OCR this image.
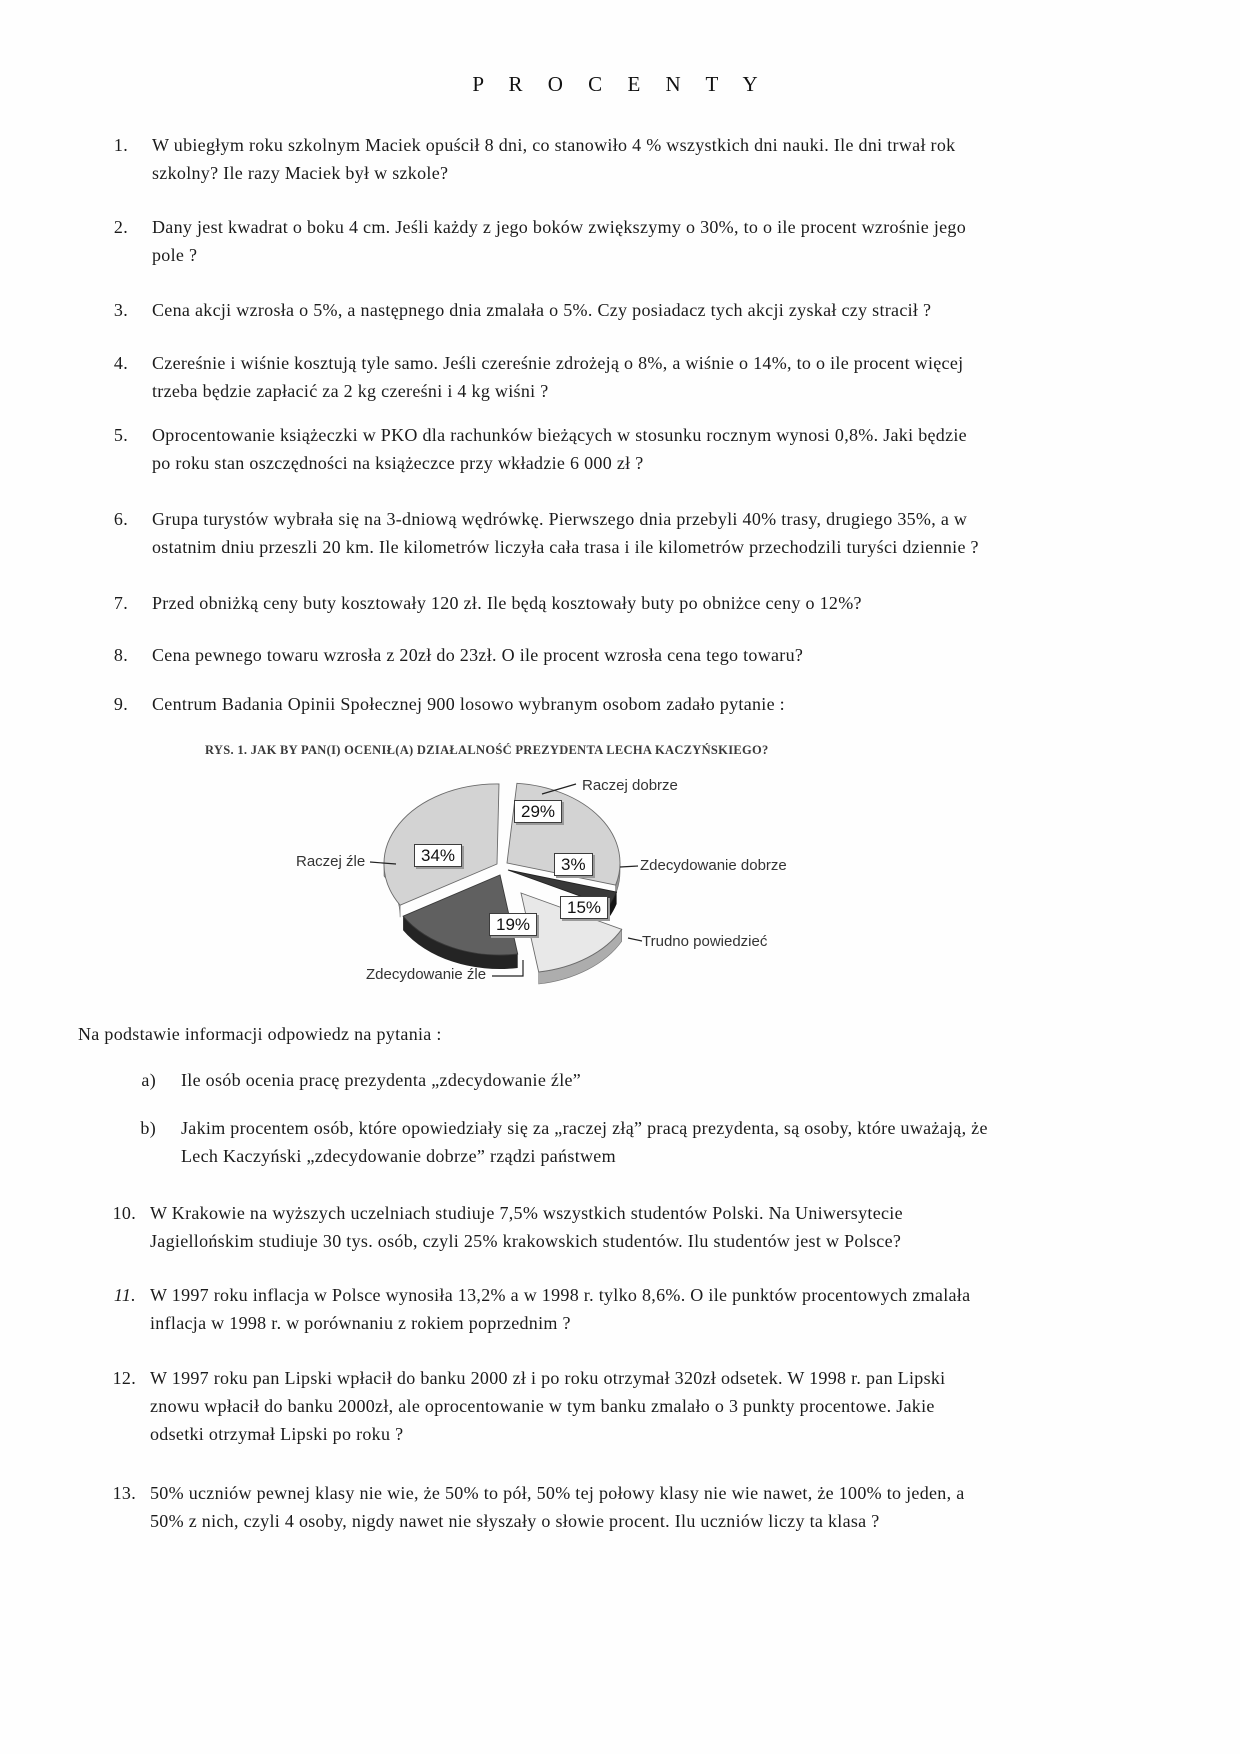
P R O C E N T Y
1.	W ubiegłym roku szkolnym Maciek opuścił 8 dni, co stanowiło 4 % wszystkich dni nauki. Ile dni trwał rok
szkolny? Ile razy Maciek był w szkole?
2.	Dany jest kwadrat o boku 4 cm. Jeśli każdy z jego boków zwiększymy o 30%, to o ile procent wzrośnie jego
pole ?
3.	Cena akcji wzrosła o 5%, a następnego dnia zmalała o 5%. Czy posiadacz tych akcji zyskał czy stracił ?
4.	Czereśnie i wiśnie kosztują tyle samo. Jeśli czereśnie zdrożeją o 8%, a wiśnie o 14%, to o ile procent więcej
trzeba będzie zapłacić za 2 kg czereśni i 4 kg wiśni ?
5.	Oprocentowanie książeczki w PKO dla rachunków bieżących w stosunku rocznym wynosi 0,8%. Jaki będzie
po roku stan oszczędności na książeczce przy wkładzie 6 000 zł ?
6.	Grupa turystów wybrała się na 3-dniową wędrówkę. Pierwszego dnia przebyli 40% trasy, drugiego 35%, a w
ostatnim dniu przeszli 20 km. Ile kilometrów liczyła cała trasa i ile kilometrów przechodzili turyści dziennie ?
7.	Przed obniżką ceny buty kosztowały 120 zł. Ile będą kosztowały buty po obniżce ceny o 12%?
8.	Cena pewnego towaru wzrosła z 20zł do 23zł. O ile procent wzrosła cena tego towaru?
9.	Centrum Badania Opinii Społecznej 900 losowo wybranym osobom zadało pytanie :
RYS. 1. JAK BY PAN(I) OCENIŁ(A) DZIAŁALNOŚĆ PREZYDENTA LECHA KACZYŃSKIEGO?
Raczej dobrze
Raczej źle	Zdecydowanie dobrze
Trudno powiedzieć
Zdecydowanie źle
29%
34%	3%
15%
19%
Na podstawie informacji odpowiedz na pytania :
a)	Ile osób ocenia pracę prezydenta „zdecydowanie źle”
b)	Jakim procentem osób, które opowiedziały się za „raczej złą” pracą prezydenta, są osoby, które uważają, że
Lech Kaczyński „zdecydowanie dobrze” rządzi państwem
10. W Krakowie na wyższych uczelniach studiuje 7,5% wszystkich studentów Polski. Na Uniwersytecie
Jagiellońskim studiuje 30 tys. osób, czyli 25% krakowskich studentów. Ilu studentów jest w Polsce?
11. W 1997 roku inflacja w Polsce wynosiła 13,2% a w 1998 r. tylko 8,6%. O ile punktów procentowych zmalała
inflacja w 1998 r. w porównaniu z rokiem poprzednim ?
12. W 1997 roku pan Lipski wpłacił do banku 2000 zł i po roku otrzymał 320zł odsetek. W 1998 r. pan Lipski
znowu wpłacił do banku 2000zł, ale oprocentowanie w tym banku zmalało o 3 punkty procentowe. Jakie
odsetki otrzymał Lipski po roku ?
13. 50% uczniów pewnej klasy nie wie, że 50% to pół, 50% tej połowy klasy nie wie nawet, że 100% to jeden, a
50% z nich, czyli 4 osoby, nigdy nawet nie słyszały o słowie procent. Ilu uczniów liczy ta klasa ?
